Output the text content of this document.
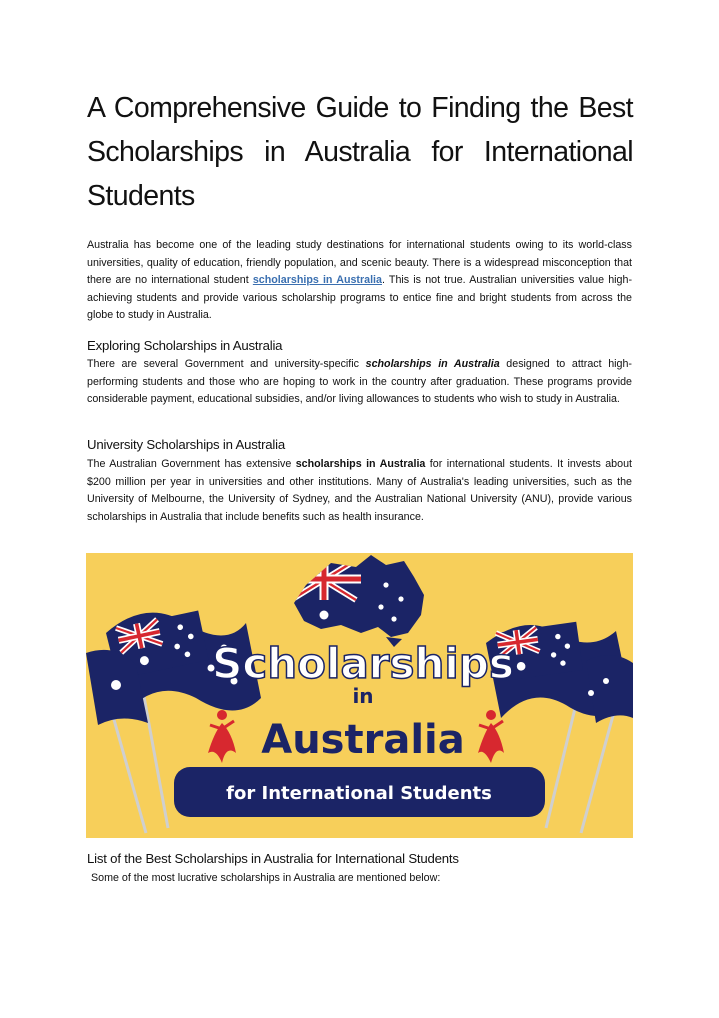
A Comprehensive Guide to Finding the Best Scholarships in Australia for International Students

Australia has become one of the leading study destinations for international students owing to its world-class universities, quality of education, friendly population, and scenic beauty. There is a widespread misconception that there are no international student scholarships in Australia. This is not true. Australian universities value high-achieving students and provide various scholarship programs to entice fine and bright students from across the globe to study in Australia.

Exploring Scholarships in Australia

There are several Government and university-specific scholarships in Australia designed to attract high-performing students and those who are hoping to work in the country after graduation. These programs provide considerable payment, educational subsidies, and/or living allowances to students who wish to study in Australia.

University Scholarships in Australia

The Australian Government has extensive scholarships in Australia for international students. It invests about $200 million per year in universities and other institutions. Many of Australia's leading universities, such as the University of Melbourne, the University of Sydney, and the Australian National University (ANU), provide various scholarships in Australia that include benefits such as health insurance.

Scholarships
in
Australia
for International Students
List of the Best Scholarships in Australia for International Students

Some of the most lucrative scholarships in Australia are mentioned below:
